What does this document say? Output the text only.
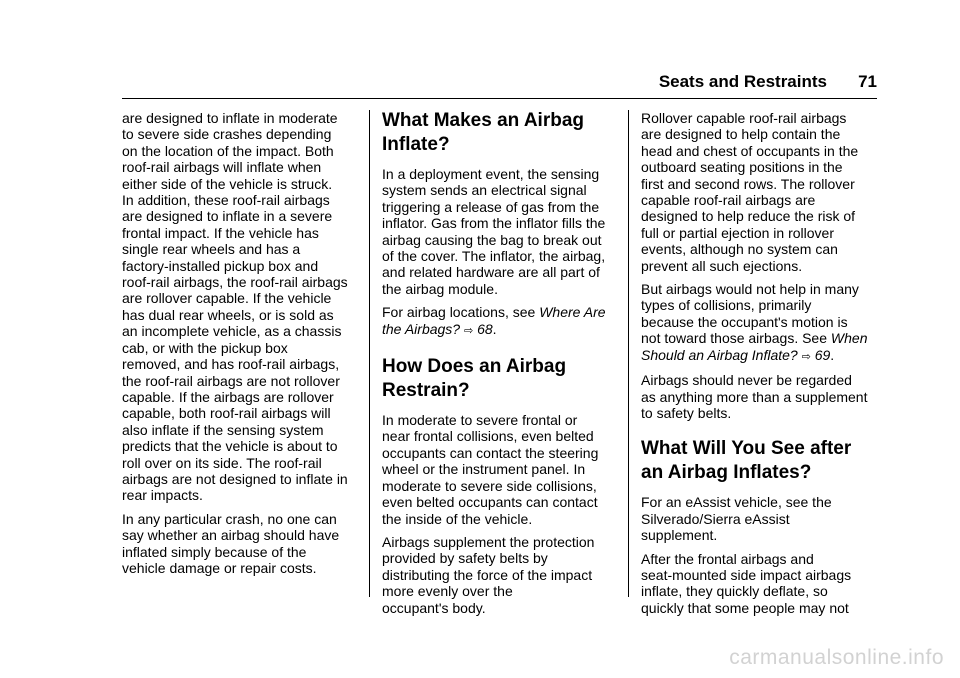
Seats and Restraints 71

are designed to inflate in moderate
to severe side crashes depending
on the location of the impact. Both
roof-rail airbags will inflate when
either side of the vehicle is struck.
In addition, these roof-rail airbags
are designed to inflate in a severe
frontal impact. If the vehicle has
single rear wheels and has a
factory-installed pickup box and
roof-rail airbags, the roof-rail airbags
are rollover capable. If the vehicle
has dual rear wheels, or is sold as
an incomplete vehicle, as a chassis
cab, or with the pickup box
removed, and has roof-rail airbags,
the roof-rail airbags are not rollover
capable. If the airbags are rollover
capable, both roof-rail airbags will
also inflate if the sensing system
predicts that the vehicle is about to
roll over on its side. The roof-rail
airbags are not designed to inflate in
rear impacts.

In any particular crash, no one can
say whether an airbag should have
inflated simply because of the
vehicle damage or repair costs.

What Makes an Airbag
Inflate?

In a deployment event, the sensing
system sends an electrical signal
triggering a release of gas from the
inflator. Gas from the inflator fills the
airbag causing the bag to break out
of the cover. The inflator, the airbag,
and related hardware are all part of
the airbag module.

For airbag locations, see Where Are
the Airbags? ⇨ 68.

How Does an Airbag
Restrain?

In moderate to severe frontal or
near frontal collisions, even belted
occupants can contact the steering
wheel or the instrument panel. In
moderate to severe side collisions,
even belted occupants can contact
the inside of the vehicle.

Airbags supplement the protection
provided by safety belts by
distributing the force of the impact
more evenly over the
occupant's body.

Rollover capable roof-rail airbags
are designed to help contain the
head and chest of occupants in the
outboard seating positions in the
first and second rows. The rollover
capable roof-rail airbags are
designed to help reduce the risk of
full or partial ejection in rollover
events, although no system can
prevent all such ejections.

But airbags would not help in many
types of collisions, primarily
because the occupant's motion is
not toward those airbags. See When
Should an Airbag Inflate? ⇨ 69.

Airbags should never be regarded
as anything more than a supplement
to safety belts.

What Will You See after
an Airbag Inflates?

For an eAssist vehicle, see the
Silverado/Sierra eAssist
supplement.

After the frontal airbags and
seat-mounted side impact airbags
inflate, they quickly deflate, so
quickly that some people may not

carmanualsonline.info
